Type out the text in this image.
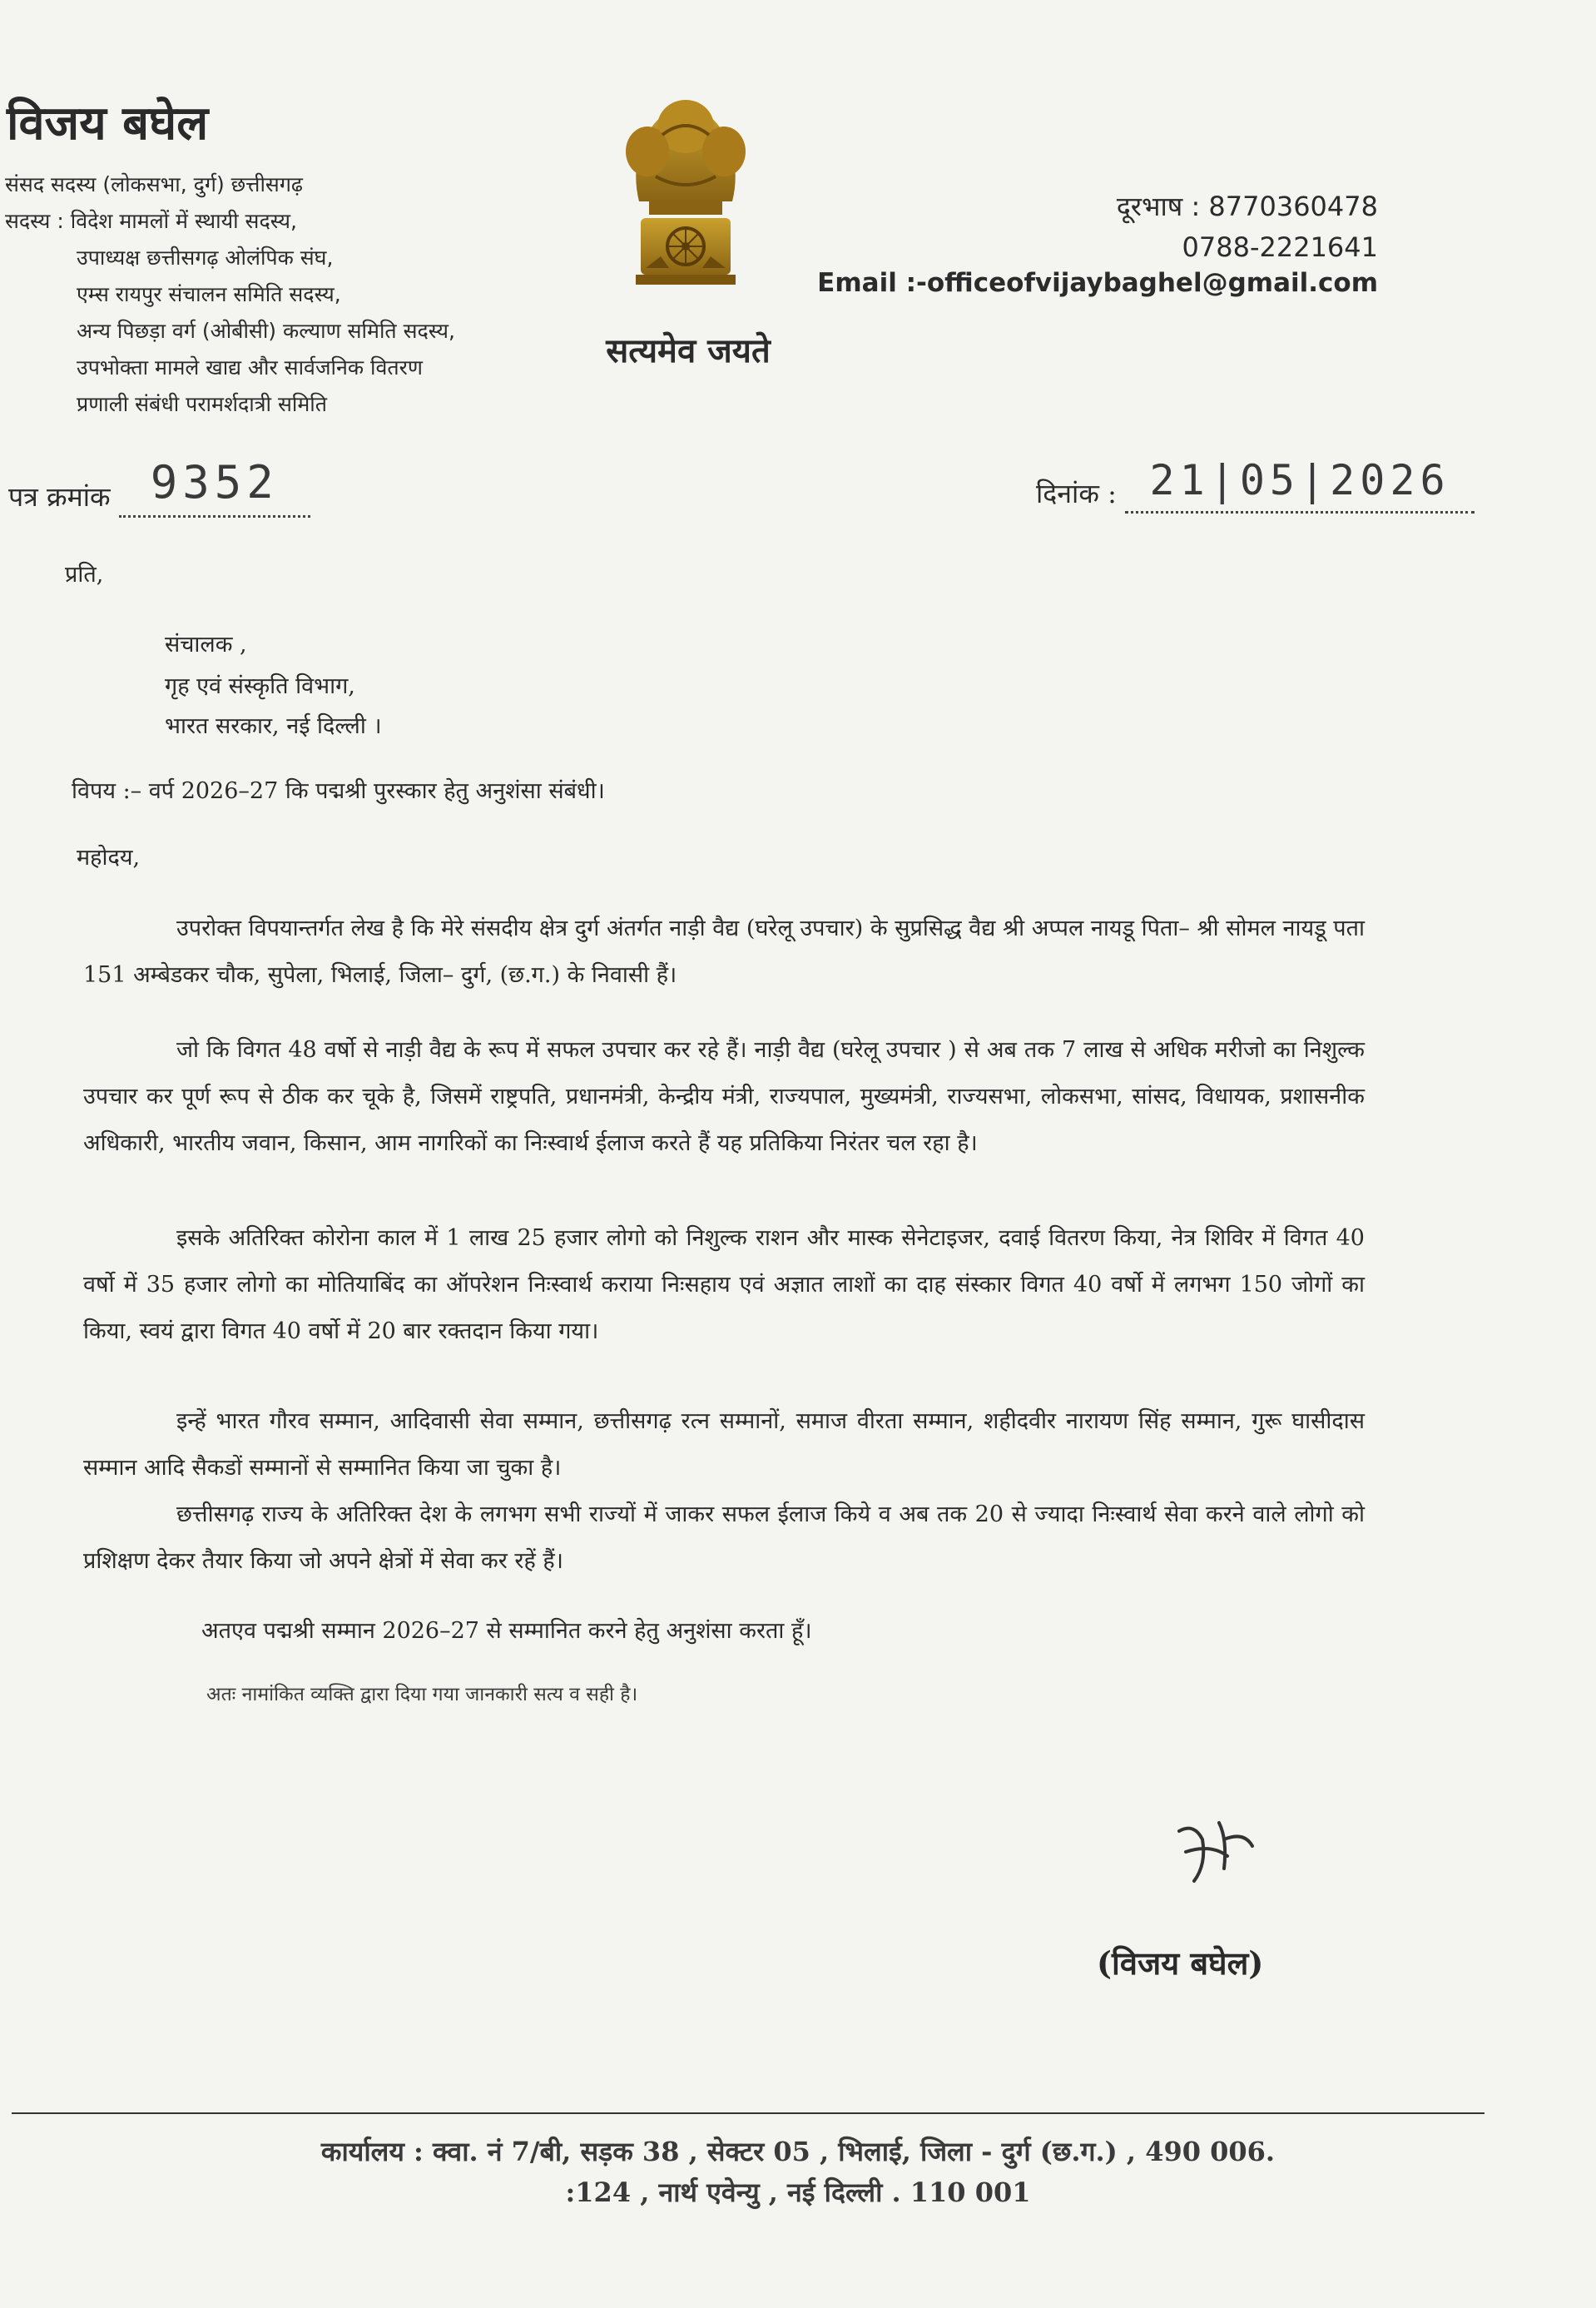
विजय बघेल
संसद सदस्य (लोकसभा, दुर्ग) छत्तीसगढ़
सदस्य : विदेश मामलों में स्थायी सदस्य,
उपाध्यक्ष छत्तीसगढ़ ओलंपिक संघ,
एम्स रायपुर संचालन समिति सदस्य,
अन्य पिछड़ा वर्ग (ओबीसी) कल्याण समिति सदस्य,
उपभोक्ता मामले खाद्य और सार्वजनिक वितरण
प्रणाली संबंधी परामर्शदात्री समिति
सत्यमेव जयते
दूरभाष : 8770360478
0788-2221641
Email :-officeofvijaybaghel@gmail.com
पत्र क्रमांक 9352	दिनांक : 21|05|2026
प्रति,
संचालक ,
गृह एवं संस्कृति विभाग,
भारत सरकार, नई दिल्ली ।
विपय :– वर्प 2026–27 कि पद्मश्री पुरस्कार हेतु अनुशंसा संबंधी।
महोदय,

उपरोक्त विपयान्तर्गत लेख है कि मेरे संसदीय क्षेत्र दुर्ग अंतर्गत नाड़ी वैद्य (घरेलू उपचार) के सुप्रसिद्ध वैद्य श्री अप्पल नायडू पिता– श्री सोमल नायडू पता 151 अम्बेडकर चौक, सुपेला, भिलाई, जिला– दुर्ग, (छ.ग.) के निवासी हैं।

जो कि विगत 48 वर्षो से नाड़ी वैद्य के रूप में सफल उपचार कर रहे हैं। नाड़ी वैद्य (घरेलू उपचार ) से अब तक 7 लाख से अधिक मरीजो का निशुल्क उपचार कर पूर्ण रूप से ठीक कर चूके है, जिसमें राष्ट्रपति, प्रधानमंत्री, केन्द्रीय मंत्री, राज्यपाल, मुख्यमंत्री, राज्यसभा, लोकसभा, सांसद, विधायक, प्रशासनीक अधिकारी, भारतीय जवान, किसान, आम नागरिकों का निःस्वार्थ ईलाज करते हैं यह प्रतिकिया निरंतर चल रहा है।

इसके अतिरिक्त कोरोना काल में 1 लाख 25 हजार लोगो को निशुल्क राशन और मास्क सेनेटाइजर, दवाई वितरण किया, नेत्र शिविर में विगत 40 वर्षो में 35 हजार लोगो का मोतियाबिंद का ऑपरेशन निःस्वार्थ कराया निःसहाय एवं अज्ञात लाशों का दाह संस्कार विगत 40 वर्षो में लगभग 150 जोगों का किया, स्वयं द्वारा विगत 40 वर्षो में 20 बार रक्तदान किया गया।

इन्हें भारत गौरव सम्मान, आदिवासी सेवा सम्मान, छत्तीसगढ़ रत्न सम्मानों, समाज वीरता सम्मान, शहीदवीर नारायण सिंह सम्मान, गुरू घासीदास सम्मान आदि सैकडों सम्मानों से सम्मानित किया जा चुका है।

छत्तीसगढ़ राज्य के अतिरिक्त देश के लगभग सभी राज्यों में जाकर सफल ईलाज किये व अब तक 20 से ज्यादा निःस्वार्थ सेवा करने वाले लोगो को प्रशिक्षण देकर तैयार किया जो अपने क्षेत्रों में सेवा कर रहें हैं।

अतएव पद्मश्री सम्मान 2026–27 से सम्मानित करने हेतु अनुशंसा करता हूँ।

अतः नामांकित व्यक्ति द्वारा दिया गया जानकारी सत्य व सही है।
(विजय बघेल)
कार्यालय : क्वा. नं 7/बी, सड़क 38 , सेक्टर 05 , भिलाई, जिला - दुर्ग (छ.ग.) , 490 006.
:124 , नार्थ एवेन्यु , नई दिल्ली . 110 001
